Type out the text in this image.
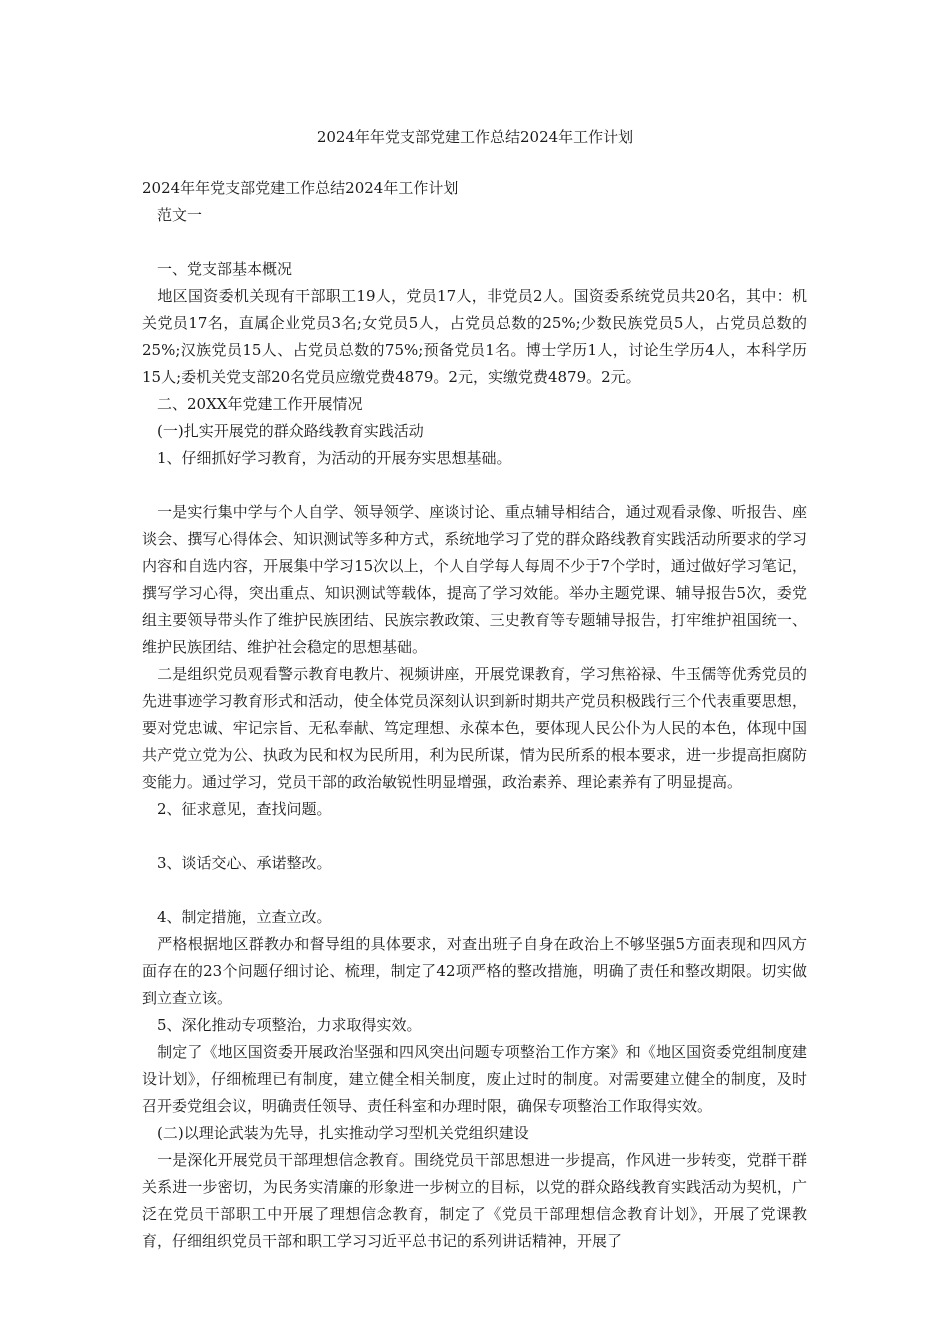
2024年年党支部党建工作总结2024年工作计划
2024年年党支部党建工作总结2024年工作计划
　范文一
　一、党支部基本概况
　地区国资委机关现有干部职工19人，党员17人，非党员2人。国资委系统党员共20名，其中：机关党员17名，直属企业党员3名;女党员5人，占党员总数的25%;少数民族党员5人，占党员总数的25%;汉族党员15人、占党员总数的75%;预备党员1名。博士学历1人，讨论生学历4人，本科学历15人;委机关党支部20名党员应缴党费4879。2元，实缴党费4879。2元。
　二、20XX年党建工作开展情况
　(一)扎实开展党的群众路线教育实践活动
　1、仔细抓好学习教育，为活动的开展夯实思想基础。
　一是实行集中学与个人自学、领导领学、座谈讨论、重点辅导相结合，通过观看录像、听报告、座谈会、撰写心得体会、知识测试等多种方式，系统地学习了党的群众路线教育实践活动所要求的学习内容和自选内容，开展集中学习15次以上，个人自学每人每周不少于7个学时，通过做好学习笔记，撰写学习心得，突出重点、知识测试等载体，提高了学习效能。举办主题党课、辅导报告5次，委党组主要领导带头作了维护民族团结、民族宗教政策、三史教育等专题辅导报告，打牢维护祖国统一、维护民族团结、维护社会稳定的思想基础。
　二是组织党员观看警示教育电教片、视频讲座，开展党课教育，学习焦裕禄、牛玉儒等优秀党员的先进事迹学习教育形式和活动，使全体党员深刻认识到新时期共产党员积极践行三个代表重要思想，要对党忠诚、牢记宗旨、无私奉献、笃定理想、永葆本色，要体现人民公仆为人民的本色，体现中国共产党立党为公、执政为民和权为民所用，利为民所谋，情为民所系的根本要求，进一步提高拒腐防变能力。通过学习，党员干部的政治敏锐性明显增强，政治素养、理论素养有了明显提高。
　2、征求意见，查找问题。
　3、谈话交心、承诺整改。
　4、制定措施，立查立改。
　严格根据地区群教办和督导组的具体要求，对查出班子自身在政治上不够坚强5方面表现和四风方面存在的23个问题仔细讨论、梳理，制定了42项严格的整改措施，明确了责任和整改期限。切实做到立查立该。
　5、深化推动专项整治，力求取得实效。
　制定了《地区国资委开展政治坚强和四风突出问题专项整治工作方案》和《地区国资委党组制度建设计划》，仔细梳理已有制度，建立健全相关制度，废止过时的制度。对需要建立健全的制度，及时召开委党组会议，明确责任领导、责任科室和办理时限，确保专项整治工作取得实效。
　(二)以理论武装为先导，扎实推动学习型机关党组织建设
　一是深化开展党员干部理想信念教育。围绕党员干部思想进一步提高，作风进一步转变，党群干群关系进一步密切，为民务实清廉的形象进一步树立的目标，以党的群众路线教育实践活动为契机，广泛在党员干部职工中开展了理想信念教育，制定了《党员干部理想信念教育计划》，开展了党课教育，仔细组织党员干部和职工学习习近平总书记的系列讲话精神，开展了
